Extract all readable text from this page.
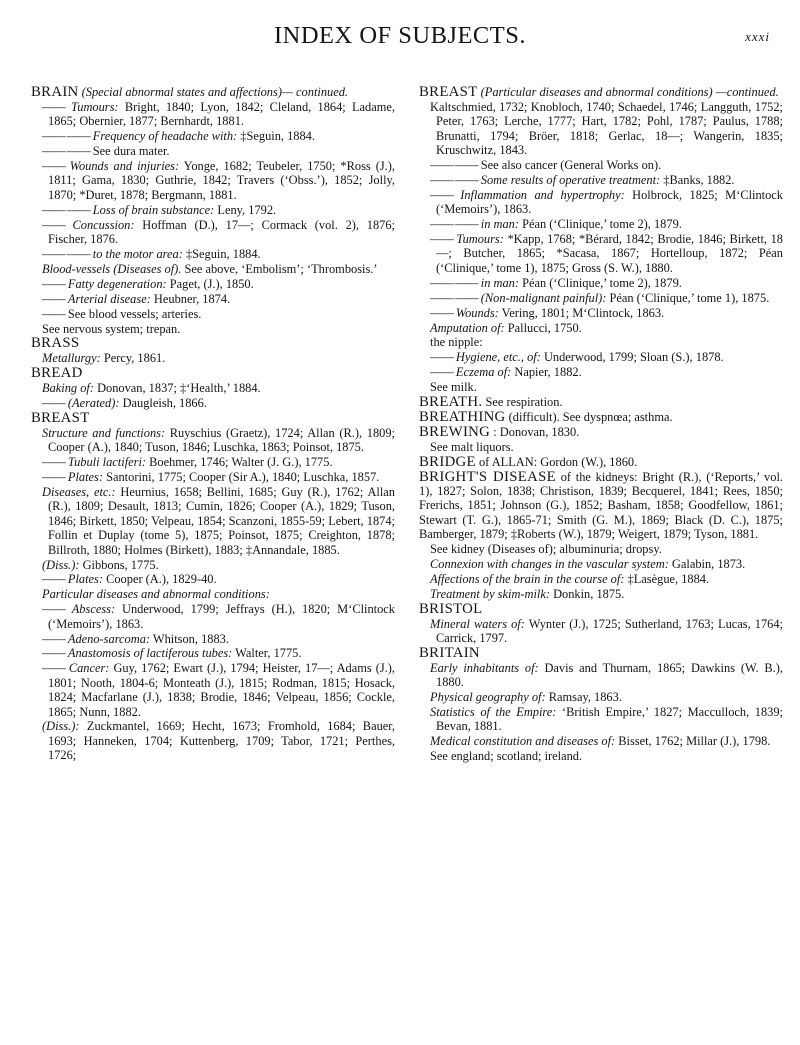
INDEX OF SUBJECTS.	xxxi
BRAIN (Special abnormal states and affections)— continued.
—— Tumours: Bright, 1840; Lyon, 1842; Cleland, 1864; Ladame, 1865; Obernier, 1877; Bernhardt, 1881.
—— —— Frequency of headache with: ‡Seguin, 1884.
—— —— See dura mater.
—— Wounds and injuries: Yonge, 1682; Teubeler, 1750; *Ross (J.), 1811; Gama, 1830; Guthrie, 1842; Travers (‘Obss.’), 1852; Jolly, 1870; *Duret, 1878; Bergmann, 1881.
—— —— Loss of brain substance: Leny, 1792.
—— Concussion: Hoffman (D.), 17—; Cormack (vol. 2), 1876; Fischer, 1876.
—— —— to the motor area: ‡Seguin, 1884.
Blood-vessels (Diseases of). See above, ‘Embolism’; ‘Thrombosis.’
—— Fatty degeneration: Paget, (J.), 1850.
—— Arterial disease: Heubner, 1874.
—— See blood vessels; arteries.
See nervous system; trepan.
BRASS
Metallurgy: Percy, 1861.
BREAD
Baking of: Donovan, 1837; ‡‘Health,’ 1884.
—— (Aerated): Daugleish, 1866.
BREAST
Structure and functions: Ruyschius (Graetz), 1724; Allan (R.), 1809; Cooper (A.), 1840; Tuson, 1846; Luschka, 1863; Poinsot, 1875.
—— Tubuli lactiferi: Boehmer, 1746; Walter (J. G.), 1775.
—— Plates: Santorini, 1775; Cooper (Sir A.), 1840; Luschka, 1857.
Diseases, etc.: Heurnius, 1658; Bellini, 1685; Guy (R.), 1762; Allan (R.), 1809; Desault, 1813; Cumin, 1826; Cooper (A.), 1829; Tuson, 1846; Birkett, 1850; Velpeau, 1854; Scanzoni, 1855-59; Lebert, 1874; Follin et Duplay (tome 5), 1875; Poinsot, 1875; Creighton, 1878; Billroth, 1880; Holmes (Birkett), 1883; ‡Annandale, 1885.
(Diss.): Gibbons, 1775.
—— Plates: Cooper (A.), 1829-40.
Particular diseases and abnormal conditions:
—— Abscess: Underwood, 1799; Jeffrays (H.), 1820; M‘Clintock (‘Memoirs’), 1863.
—— Adeno-sarcoma: Whitson, 1883.
—— Anastomosis of lactiferous tubes: Walter, 1775.
—— Cancer: Guy, 1762; Ewart (J.), 1794; Heister, 17—; Adams (J.), 1801; Nooth, 1804-6; Monteath (J.), 1815; Rodman, 1815; Hosack, 1824; Macfarlane (J.), 1838; Brodie, 1846; Velpeau, 1856; Cockle, 1865; Nunn, 1882.
(Diss.): Zuckmantel, 1669; Hecht, 1673; Fromhold, 1684; Bauer, 1693; Hanneken, 1704; Kuttenberg, 1709; Tabor, 1721; Perthes, 1726;
BREAST (Particular diseases and abnormal conditions) —continued.
Kaltschmied, 1732; Knobloch, 1740; Schaedel, 1746; Langguth, 1752; Peter, 1763; Lerche, 1777; Hart, 1782; Pohl, 1787; Paulus, 1788; Brunatti, 1794; Bröer, 1818; Gerlac, 18—; Wangerin, 1835; Kruschwitz, 1843.
—— —— See also cancer (General Works on).
—— —— Some results of operative treatment: ‡Banks, 1882.
—— Inflammation and hypertrophy: Holbrock, 1825; M‘Clintock (‘Memoirs’), 1863.
—— —— in man: Péan (‘Clinique,’ tome 2), 1879.
—— Tumours: *Kapp, 1768; *Bérard, 1842; Brodie, 1846; Birkett, 18—; Butcher, 1865; *Sacasa, 1867; Hortelloup, 1872; Péan (‘Clinique,’ tome 1), 1875; Gross (S. W.), 1880.
—— —— in man: Péan (‘Clinique,’ tome 2), 1879.
—— —— (Non-malignant painful): Péan (‘Clinique,’ tome 1), 1875.
—— Wounds: Vering, 1801; M‘Clintock, 1863.
Amputation of: Pallucci, 1750.
the nipple:
—— Hygiene, etc., of: Underwood, 1799; Sloan (S.), 1878.
—— Eczema of: Napier, 1882.
See milk.
BREATH. See respiration.
BREATHING (difficult). See dyspnœa; asthma.
BREWING : Donovan, 1830.
See malt liquors.
BRIDGE of ALLAN: Gordon (W.), 1860.
BRIGHT'S DISEASE of the kidneys: Bright (R.), (‘Reports,’ vol. 1), 1827; Solon, 1838; Christison, 1839; Becquerel, 1841; Rees, 1850; Frerichs, 1851; Johnson (G.), 1852; Basham, 1858; Goodfellow, 1861; Stewart (T. G.), 1865-71; Smith (G. M.), 1869; Black (D. C.), 1875; Bamberger, 1879; ‡Roberts (W.), 1879; Weigert, 1879; Tyson, 1881.
See kidney (Diseases of); albuminuria; dropsy.
Connexion with changes in the vascular system: Galabin, 1873.
Affections of the brain in the course of: ‡Lasègue, 1884.
Treatment by skim-milk: Donkin, 1875.
BRISTOL
Mineral waters of: Wynter (J.), 1725; Sutherland, 1763; Lucas, 1764; Carrick, 1797.
BRITAIN
Early inhabitants of: Davis and Thurnam, 1865; Dawkins (W. B.), 1880.
Physical geography of: Ramsay, 1863.
Statistics of the Empire: ‘British Empire,’ 1827; Macculloch, 1839; Bevan, 1881.
Medical constitution and diseases of: Bisset, 1762; Millar (J.), 1798.
See england; scotland; ireland.
